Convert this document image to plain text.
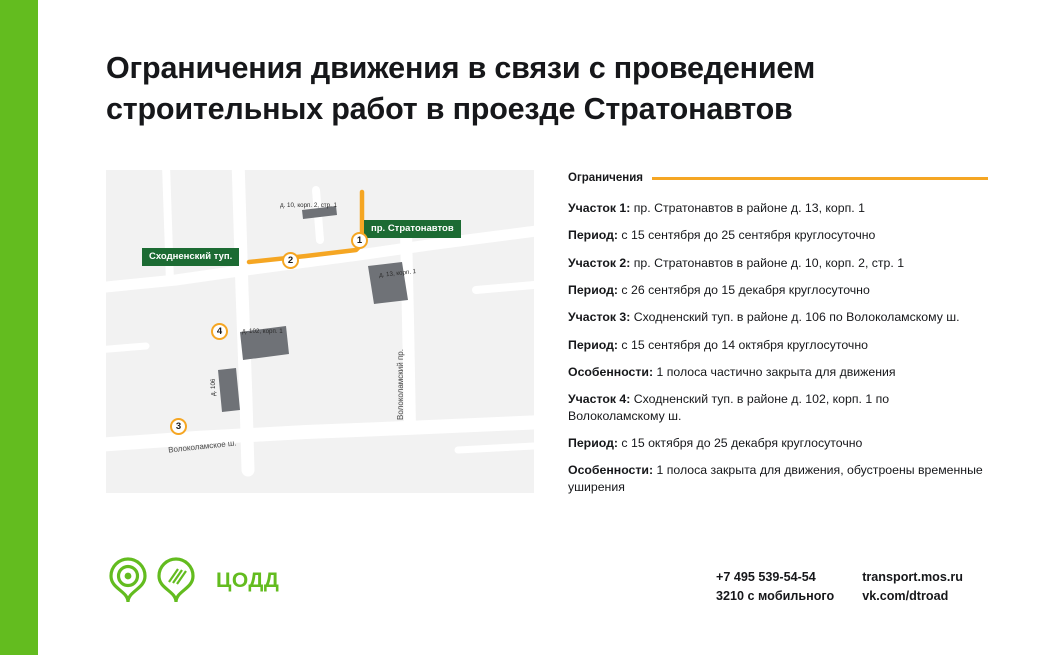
Ограничения движения в связи с проведением строительных работ в проезде Стратонавтов
Сходненский туп.
пр. Стратонавтов
1
2
3
4
д. 10, корп. 2, стр. 1
д. 13, корп. 1
д. 102, корп. 1
д. 106
Волоколамское ш.
Волоколамский пр.
Ограничения
Участок 1: пр. Стратонавтов в районе д. 13, корп. 1
Период: с 15 сентября до 25 сентября круглосуточно
Участок 2: пр. Стратонавтов в районе д. 10, корп. 2, стр. 1
Период: с 26 сентября до 15 декабря круглосуточно
Участок 3: Сходненский туп. в районе д. 106 по Волоколамскому ш.
Период: с 15 сентября до 14 октября круглосуточно
Особенности: 1 полоса частично закрыта для движения
Участок 4: Сходненский туп. в районе д. 102, корп. 1 по Волоколамскому ш.
Период: с 15 октября до 25 декабря круглосуточно
Особенности: 1 полоса закрыта для движения, обустроены временные уширения
ЦОДД	+7 495 539-54-54
3210 с мобильного
transport.mos.ru
vk.com/dtroad
